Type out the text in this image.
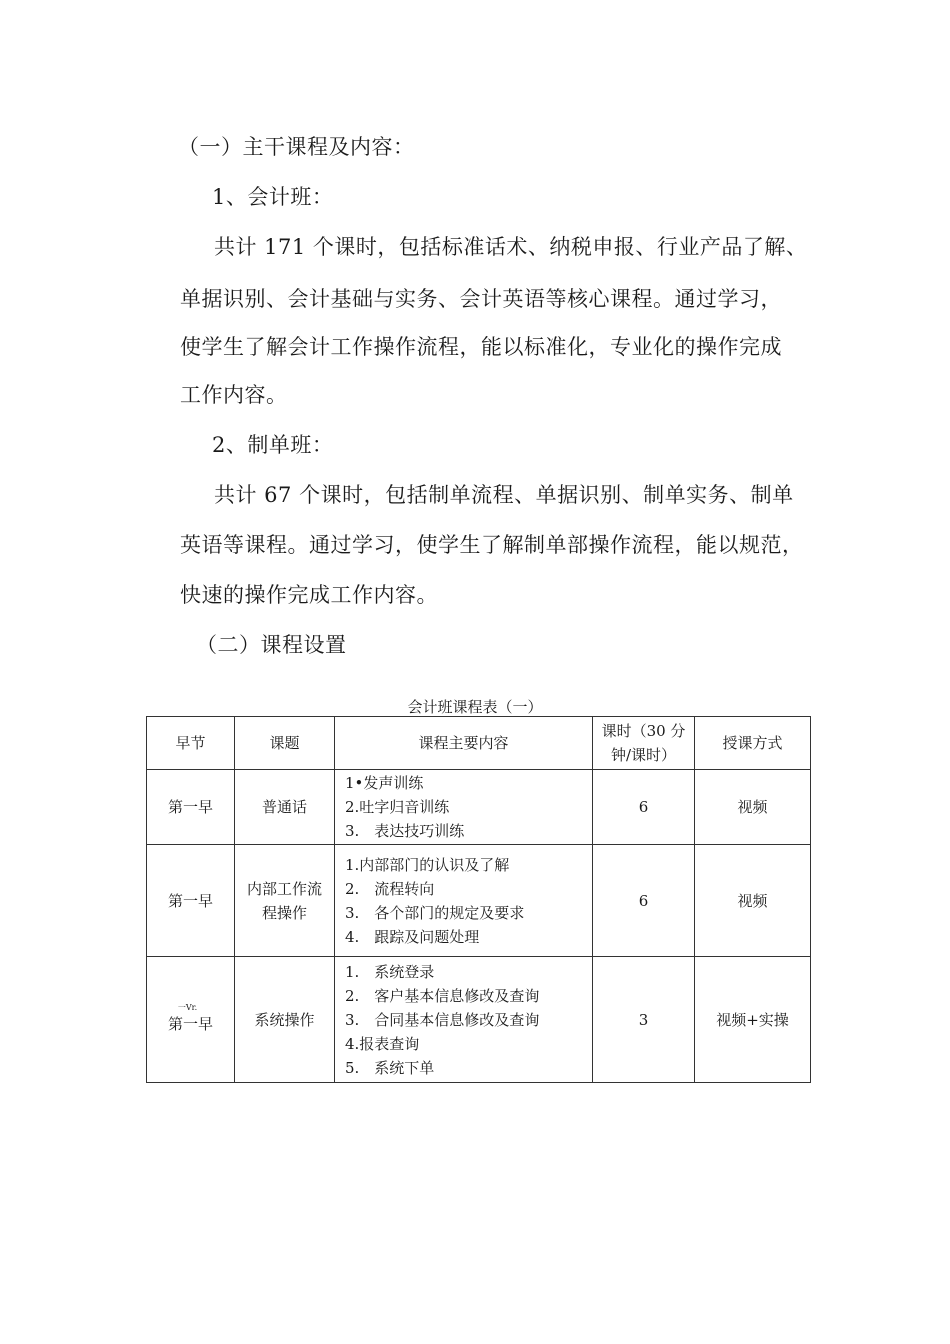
（一）主干课程及内容：
1、会计班：
共计 171 个课时，包括标准话术、纳税申报、行业产品了解、
单据识别、会计基础与实务、会计英语等核心课程。通过学习，
使学生了解会计工作操作流程，能以标准化，专业化的操作完成
工作内容。
2、制单班：
共计 67 个课时，包括制单流程、单据识别、制单实务、制单
英语等课程。通过学习，使学生了解制单部操作流程，能以规范，
快速的操作完成工作内容。
（二）课程设置
会计班课程表（一）
早节	课题	课程主要内容	课时（30 分
钟/课时）	授课方式
第一早	普通话	1•发声训练
2.吐字归音训练
3.　表达技巧训练	6	视频
第一早	内部工作流
程操作	1.内部部门的认识及了解
2.　流程转向
3.　各个部门的规定及要求
4.　跟踪及问题处理	6	视频

一Vr.
第一早	系统操作	1.　系统登录
2.　客户基本信息修改及查询
3.　合同基本信息修改及查询
4.报表查询
5.　系统下单	3	视频+实操
